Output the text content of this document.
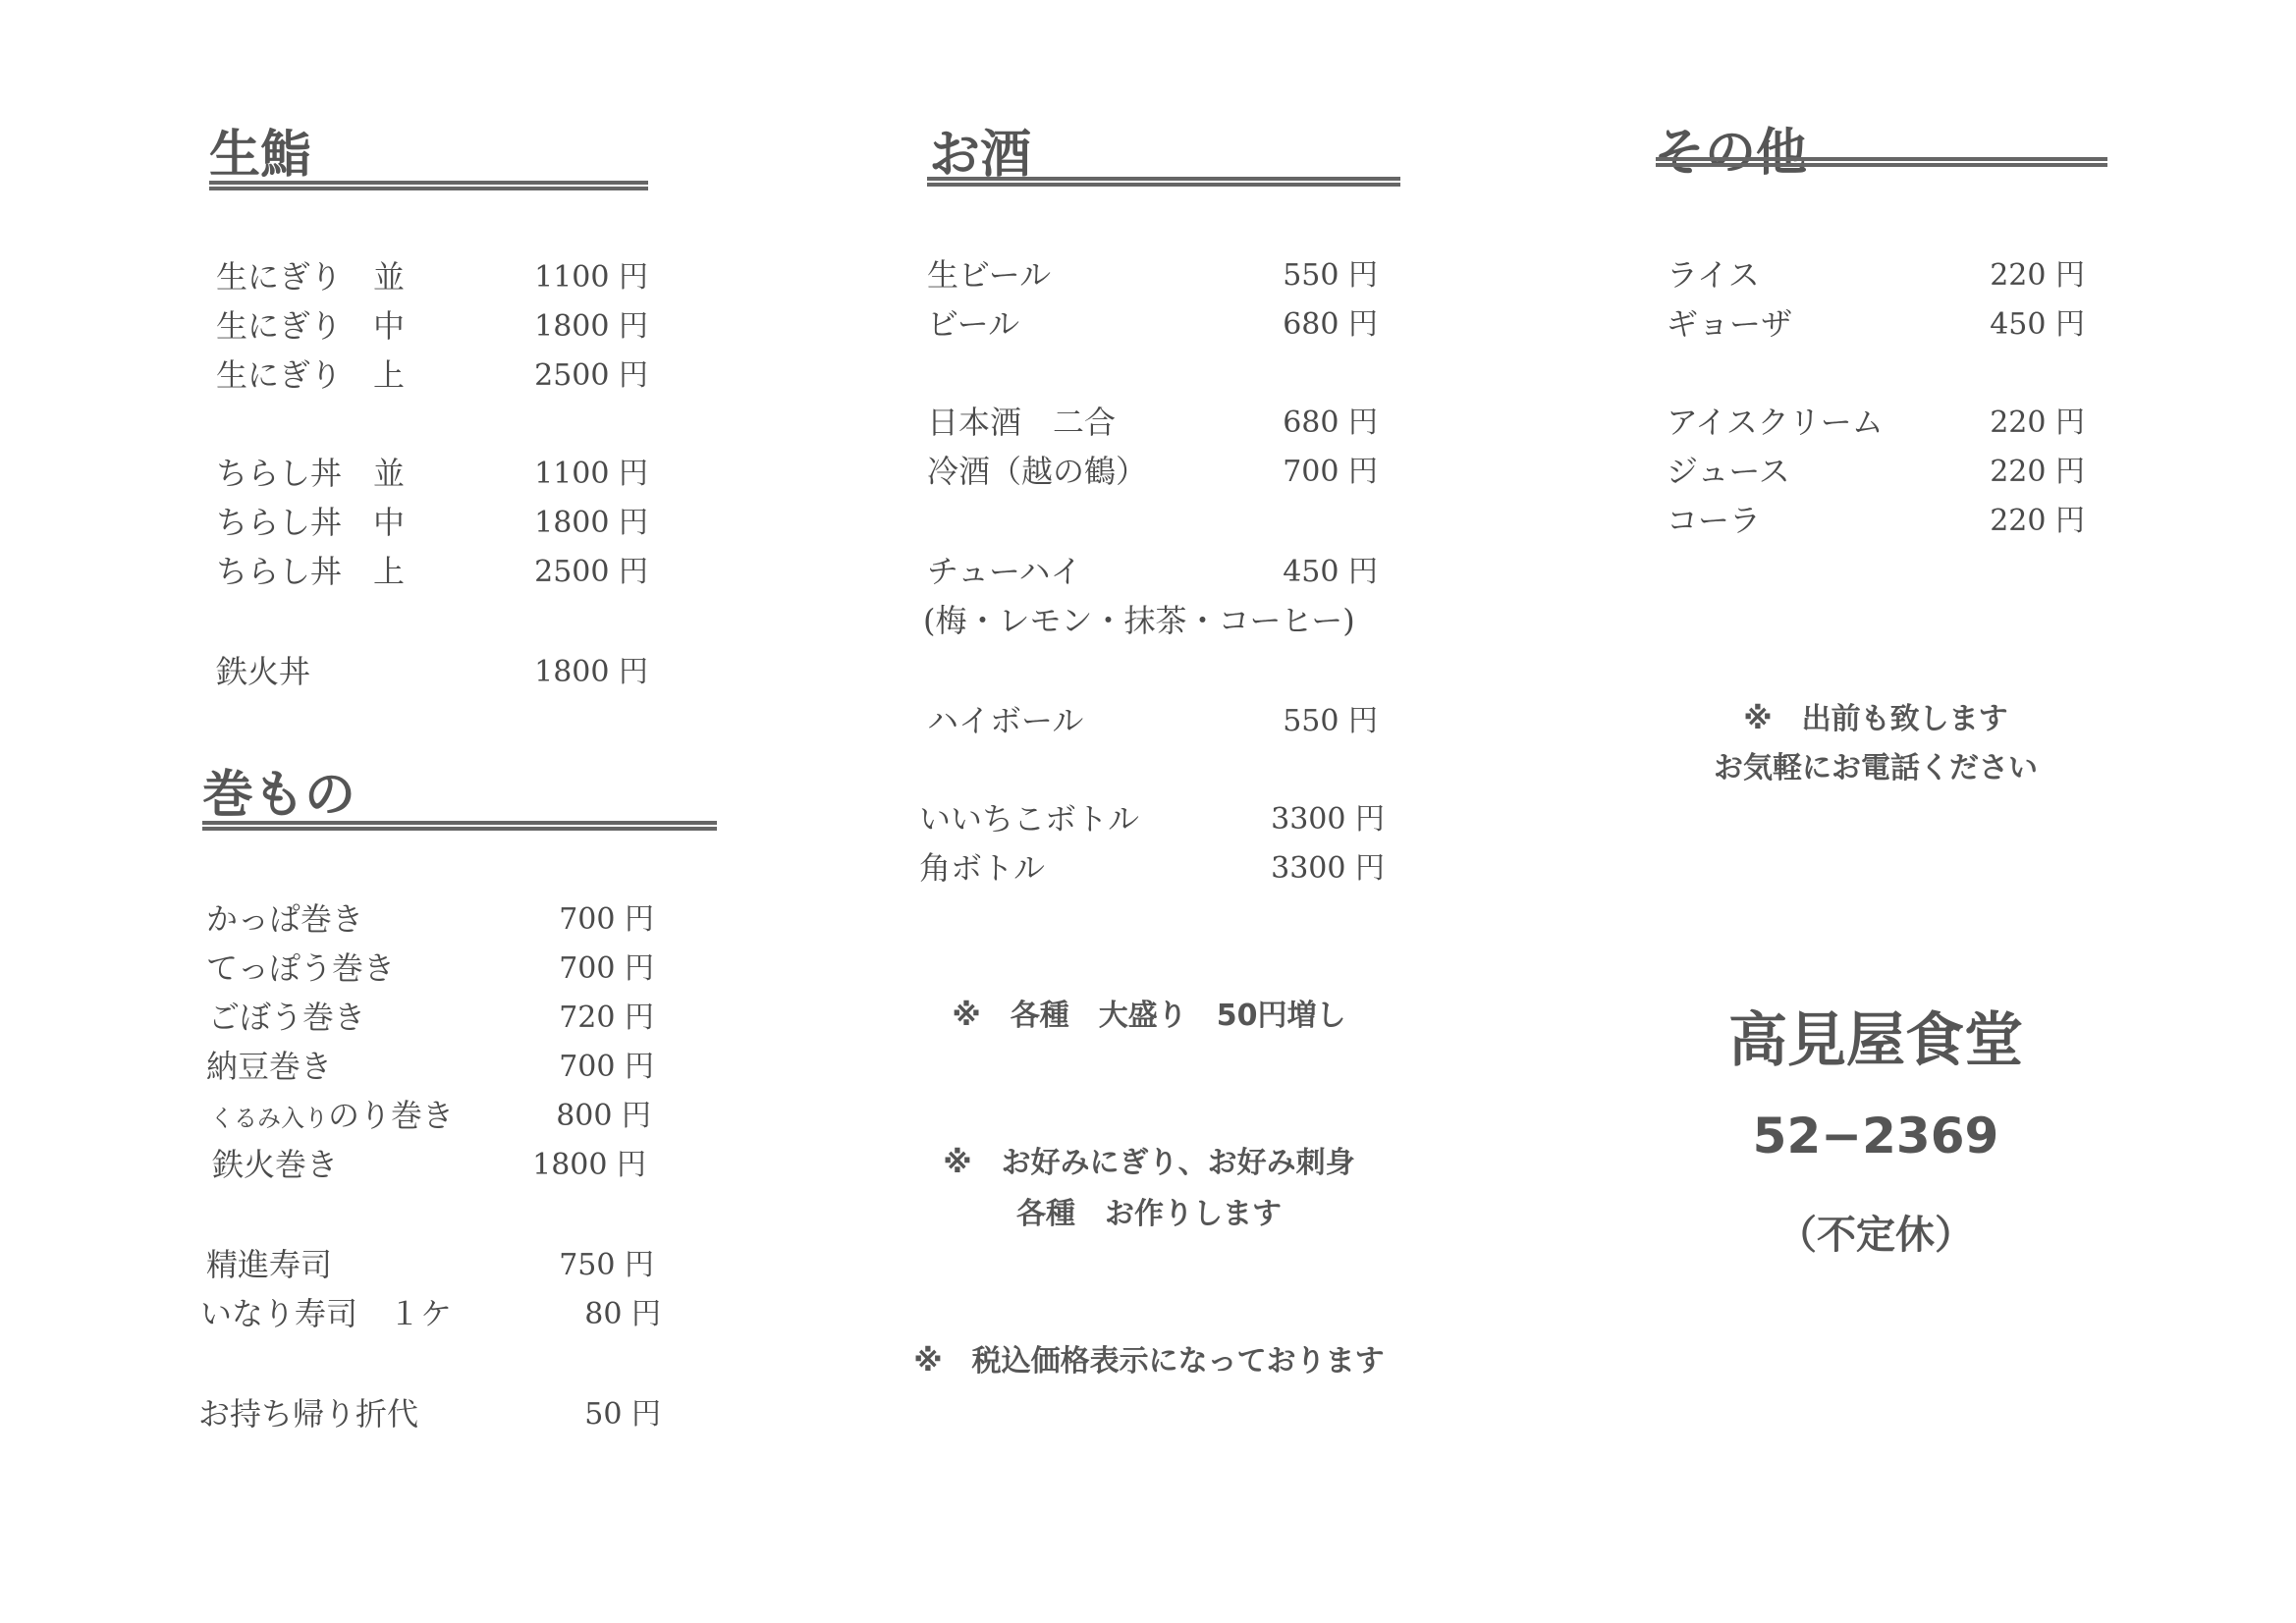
生鮨
生にぎり　並	1100 円
生にぎり　中	1800 円
生にぎり　上	2500 円
ちらし丼　並	1100 円
ちらし丼　中	1800 円
ちらし丼　上	2500 円
鉄火丼	1800 円
巻もの
かっぱ巻き	700 円
てっぽう巻き	700 円
ごぼう巻き	720 円
納豆巻き	700 円
くるみ入りのり巻き	800 円
鉄火巻き	1800 円
精進寿司	750 円
いなり寿司　１ケ	80 円
お持ち帰り折代	50 円
お酒
生ビール	550 円
ビール	680 円
日本酒　二合	680 円
冷酒（越の鶴）	700 円
チューハイ	450 円
(梅・レモン・抹茶・コーヒー)
ハイボール	550 円
いいちこボトル	3300 円
角ボトル	3300 円
※　各種　大盛り　50円増し
※　お好みにぎり、お好み刺身
各種　お作りします
※　税込価格表示になっております
その他
ライス	220 円
ギョーザ	450 円
アイスクリーム	220 円
ジュース	220 円
コーラ	220 円
※　出前も致します
お気軽にお電話ください
高見屋食堂
52−2369
（不定休）
